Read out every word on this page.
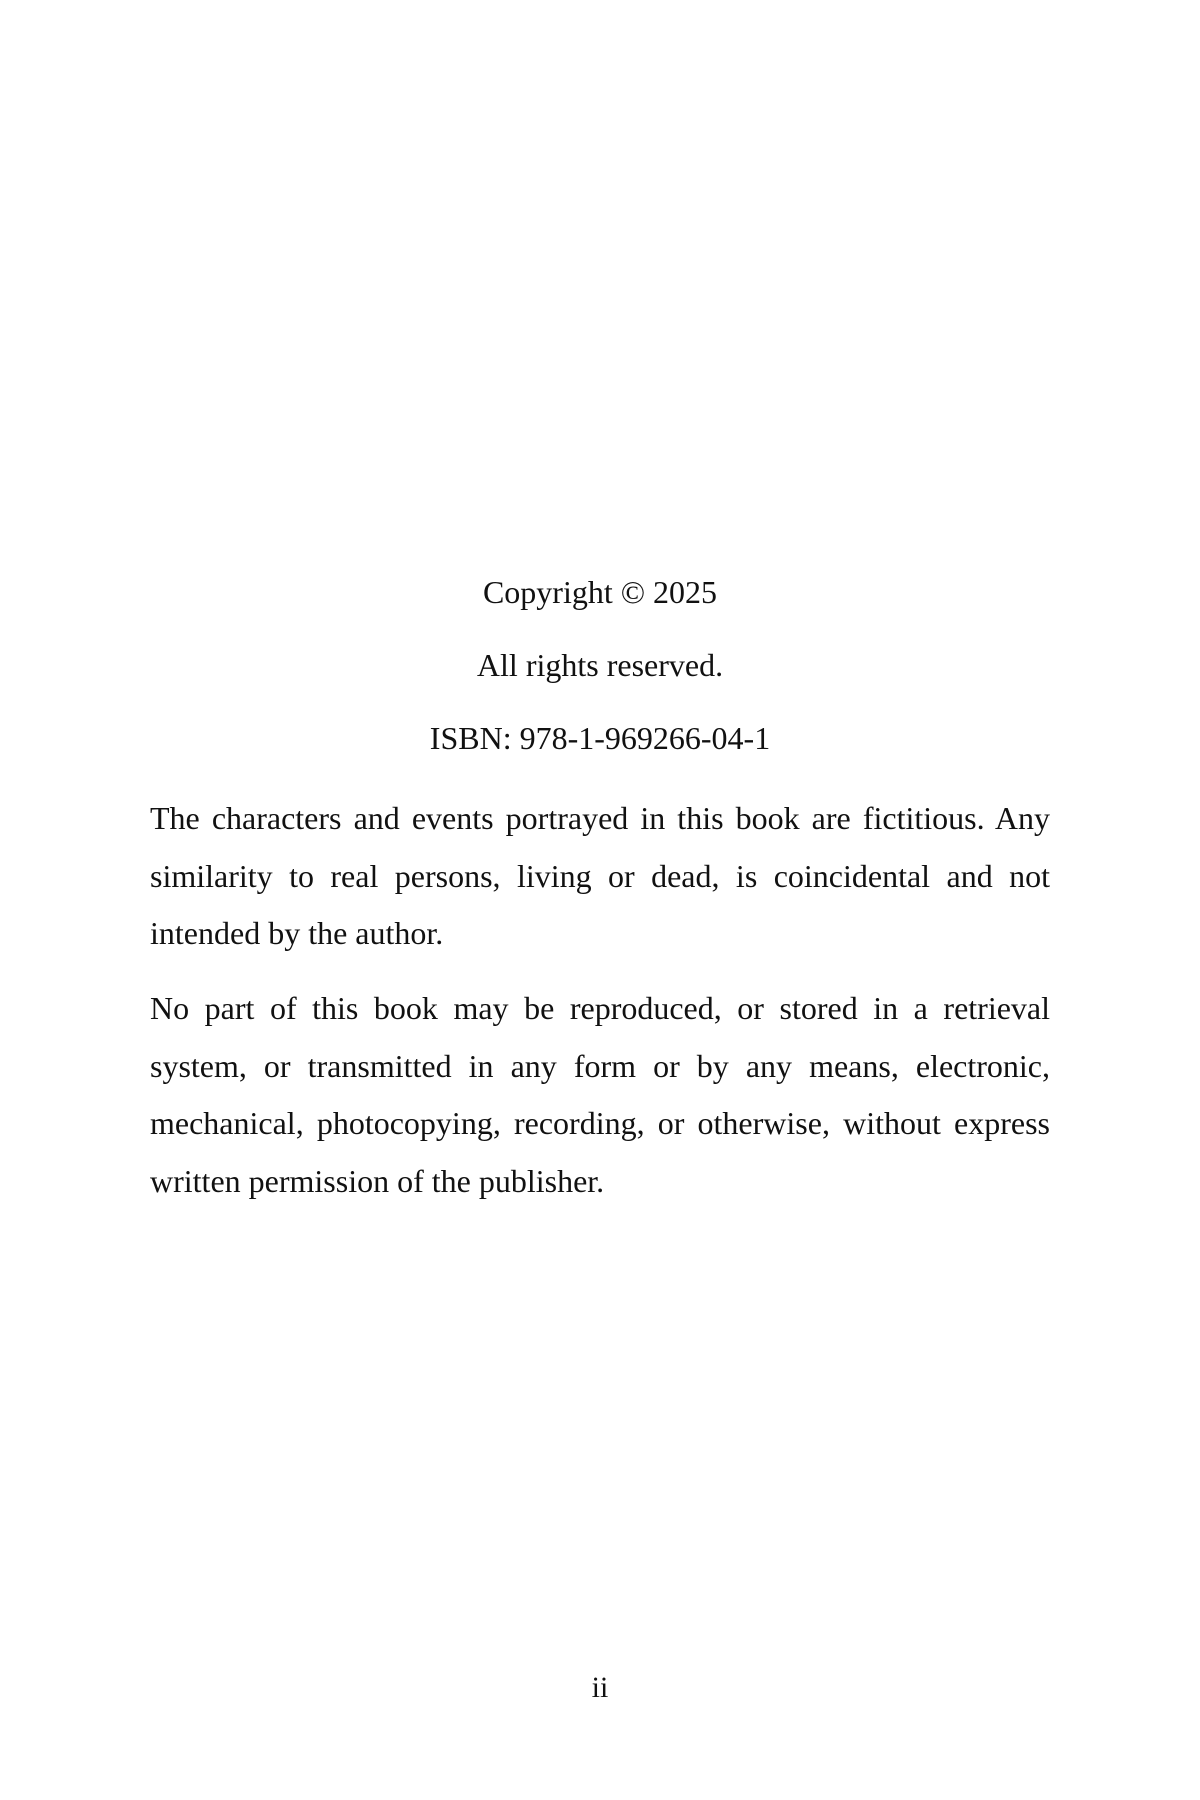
Copyright © 2025
All rights reserved.
ISBN: 978-1-969266-04-1

The characters and events portrayed in this book are fictitious. Any similarity to real persons, living or dead, is coincidental and not intended by the author.

No part of this book may be reproduced, or stored in a retrieval system, or transmitted in any form or by any means, electronic, mechanical, photocopying, recording, or otherwise, without express written permission of the publisher.

ii
